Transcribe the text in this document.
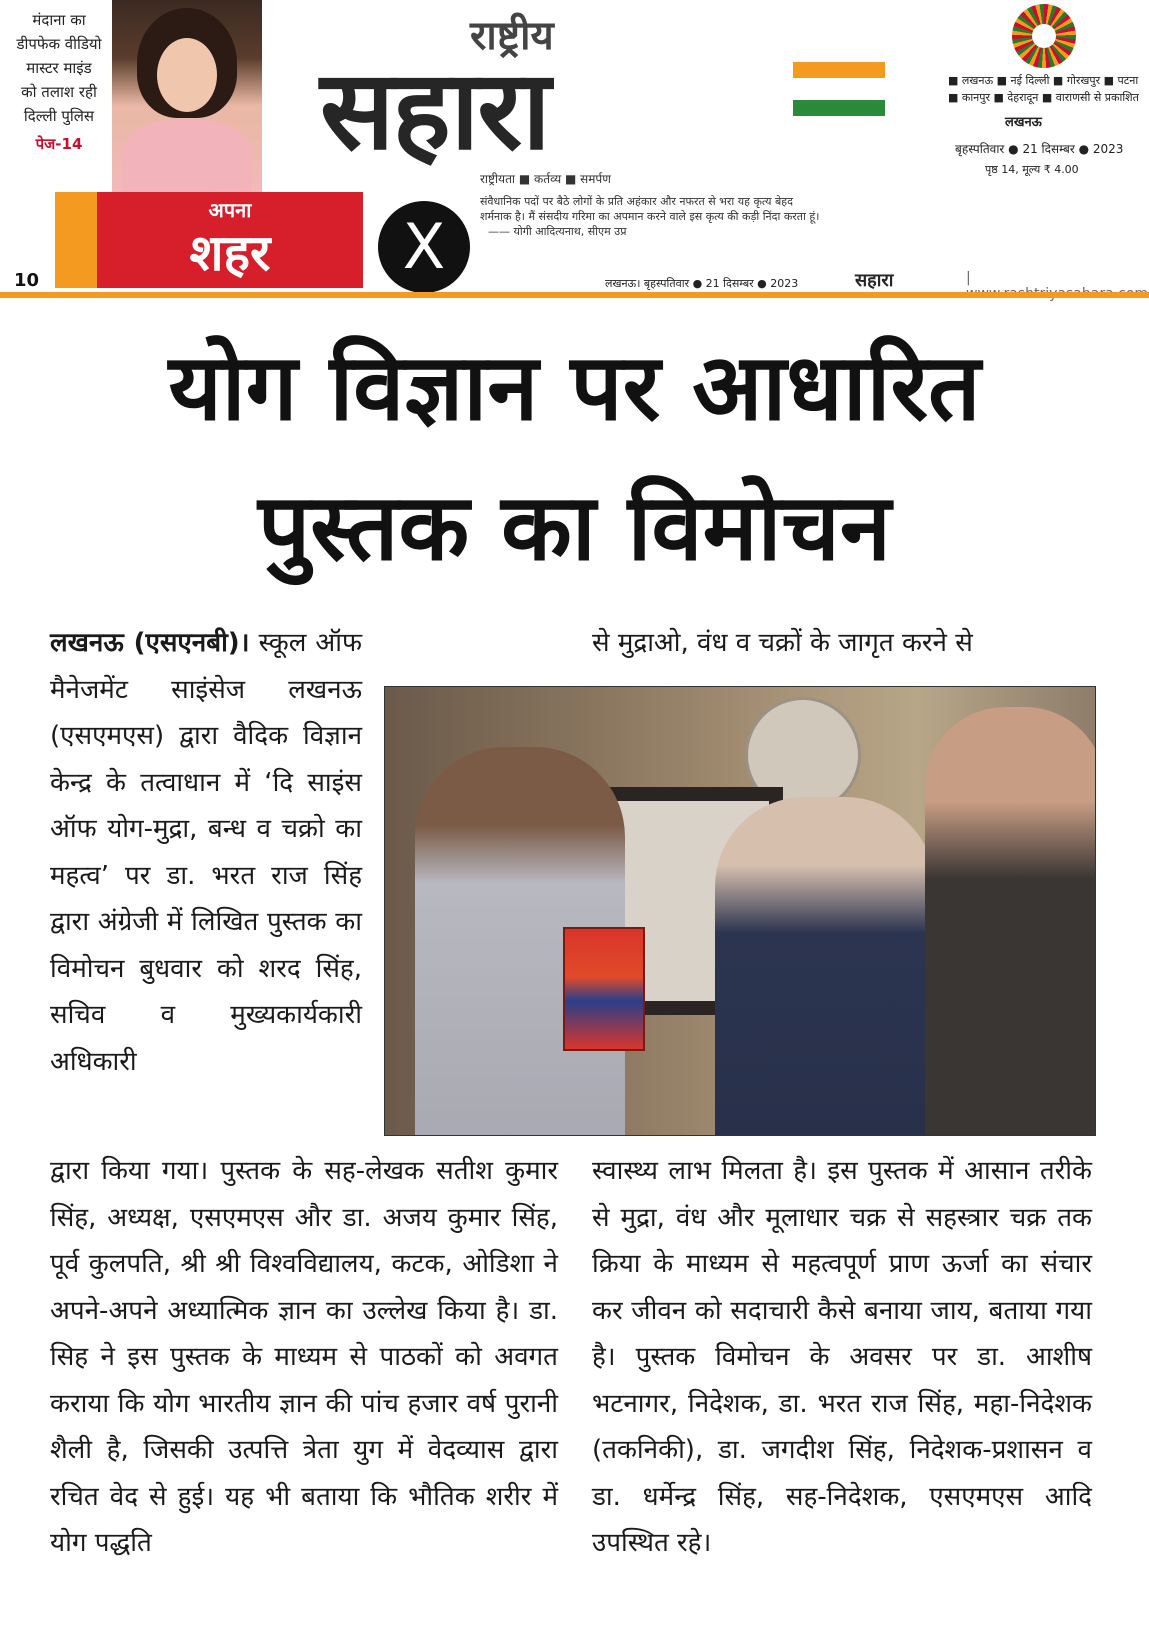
मंदाना का
डीपफेक वीडियो
मास्टर माइंड
को तलाश रही
दिल्ली पुलिस
पेज-14
राष्ट्रीय
सहारा
राष्ट्रीयता ■ कर्तव्य ■ समर्पण
संवैधानिक पदों पर बैठे लोगों के प्रति अहंकार और नफरत से भरा यह कृत्य बेहद शर्मनाक है। मैं संसदीय गरिमा का अपमान करने वाले इस कृत्य की कड़ी निंदा करता हूं। —— योगी आदित्यनाथ, सीएम उप्र
■ लखनऊ ■ नई दिल्ली ■ गोरखपुर ■ पटना
■ कानपुर ■ देहरादून ■ वाराणसी से प्रकाशित
लखनऊ
बृहस्पतिवार ● 21 दिसम्बर ● 2023
पृष्ठ 14, मूल्य ₹ 4.00
अपना
शहर
10	X
लखनऊ। बृहस्पतिवार ● 21 दिसम्बर ● 2023	सहारा	|
योग विज्ञान पर आधारित
पुस्तक का विमोचन

लखनऊ (एसएनबी)। स्कूल ऑफ मैनेजमेंट साइंसेज लखनऊ (एसएमएस) द्वारा वैदिक विज्ञान केन्द्र के तत्वाधान में ‘दि साइंस ऑफ योग-मुद्रा, बन्ध व चक्रो का महत्व’ पर डा. भरत राज सिंह द्वारा अंग्रेजी में लिखित पुस्तक का विमोचन बुधवार को शरद सिंह, सचिव व मुख्यकार्यकारी अधिकारी

से मुद्राओ, वंध व चक्रों के जागृत करने से

द्वारा किया गया। पुस्तक के सह-लेखक सतीश कुमार सिंह, अध्यक्ष, एसएमएस और डा. अजय कुमार सिंह, पूर्व कुलपति, श्री श्री विश्वविद्यालय, कटक, ओडिशा ने अपने-अपने अध्यात्मिक ज्ञान का उल्लेख किया है। डा. सिह ने इस पुस्तक के माध्यम से पाठकों को अवगत कराया कि योग भारतीय ज्ञान की पांच हजार वर्ष पुरानी शैली है, जिसकी उत्पत्ति त्रेता युग में वेदव्यास द्वारा रचित वेद से हुई। यह भी बताया कि भौतिक शरीर में योग पद्धति

स्वास्थ्य लाभ मिलता है। इस पुस्तक में आसान तरीके से मुद्रा, वंध और मूलाधार चक्र से सहस्त्रार चक्र तक क्रिया के माध्यम से महत्वपूर्ण प्राण ऊर्जा का संचार कर जीवन को सदाचारी कैसे बनाया जाय, बताया गया है। पुस्तक विमोचन के अवसर पर डा. आशीष भटनागर, निदेशक, डा. भरत राज सिंह, महा-निदेशक (तकनिकी), डा. जगदीश सिंह, निदेशक-प्रशासन व डा. धर्मेन्द्र सिंह, सह-निदेशक, एसएमएस आदि उपस्थित रहे।
